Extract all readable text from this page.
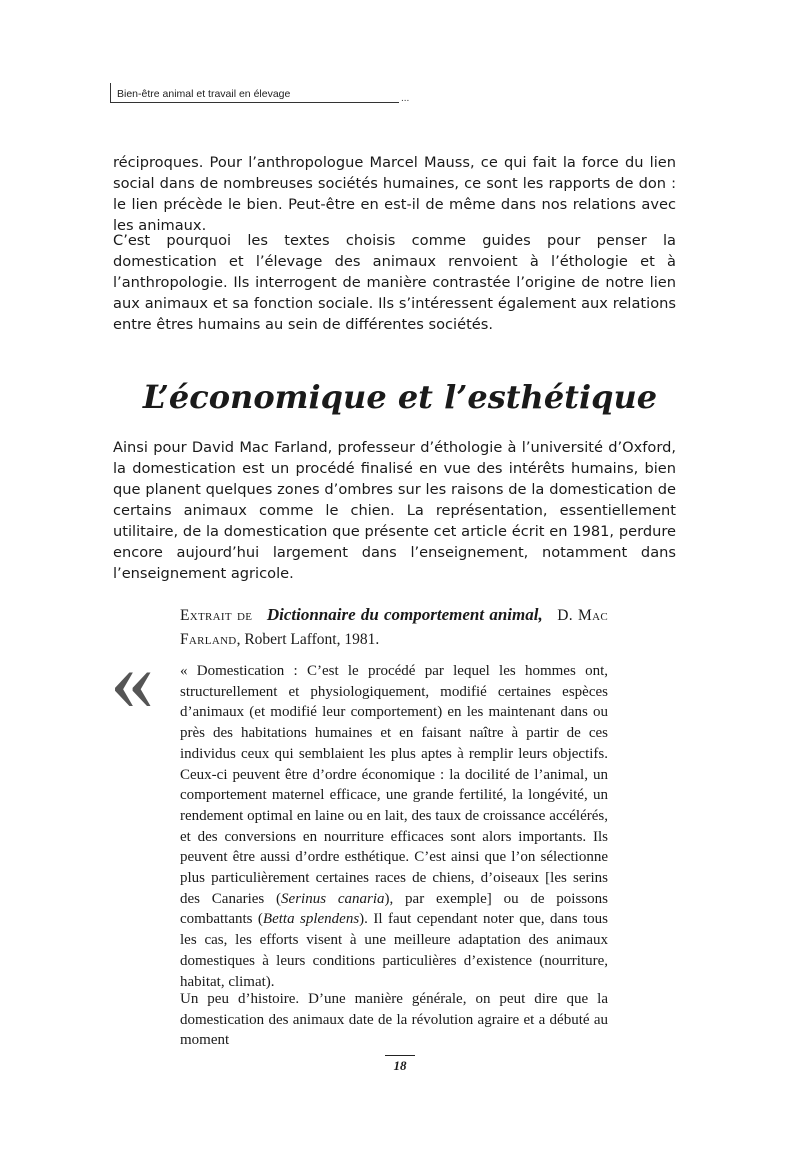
Bien-être animal et travail en élevage	...

réciproques. Pour l’anthropologue Marcel Mauss, ce qui fait la force du lien social dans de nombreuses sociétés humaines, ce sont les rapports de don : le lien précède le bien. Peut-être en est-il de même dans nos relations avec les animaux.

C’est pourquoi les textes choisis comme guides pour penser la domestication et l’élevage des animaux renvoient à l’éthologie et à l’anthropologie. Ils interrogent de manière contrastée l’origine de notre lien aux animaux et sa fonction sociale. Ils s’intéressent également aux relations entre êtres humains au sein de différentes sociétés.

L’économique et l’esthétique

Ainsi pour David Mac Farland, professeur d’éthologie à l’université d’Oxford, la domestication est un procédé finalisé en vue des intérêts humains, bien que planent quelques zones d’ombres sur les raisons de la domestication de certains animaux comme le chien. La représentation, essentiellement utilitaire, de la domestication que présente cet article écrit en 1981, perdure encore aujourd’hui largement dans l’enseignement, notamment dans l’enseignement agricole.

Extrait de Dictionnaire du comportement animal, D. Mac Farland, Robert Laffont, 1981.

« « Domestication : C’est le procédé par lequel les hommes ont, structurellement et physiologiquement, modifié certaines espèces d’animaux (et modifié leur comportement) en les maintenant dans ou près des habitations humaines et en faisant naître à partir de ces individus ceux qui semblaient les plus aptes à remplir leurs objectifs. Ceux-ci peuvent être d’ordre économique : la docilité de l’animal, un comportement maternel efficace, une grande fertilité, la longévité, un rendement optimal en laine ou en lait, des taux de croissance accélérés, et des conversions en nourriture efficaces sont alors importants. Ils peuvent être aussi d’ordre esthétique. C’est ainsi que l’on sélectionne plus particulièrement certaines races de chiens, d’oiseaux [les serins des Canaries (Serinus canaria), par exemple] ou de poissons combattants (Betta splendens). Il faut cependant noter que, dans tous les cas, les efforts visent à une meilleure adaptation des animaux domestiques à leurs conditions particulières d’existence (nourriture, habitat, climat).

Un peu d’histoire. D’une manière générale, on peut dire que la domestication des animaux date de la révolution agraire et a débuté au moment

18
